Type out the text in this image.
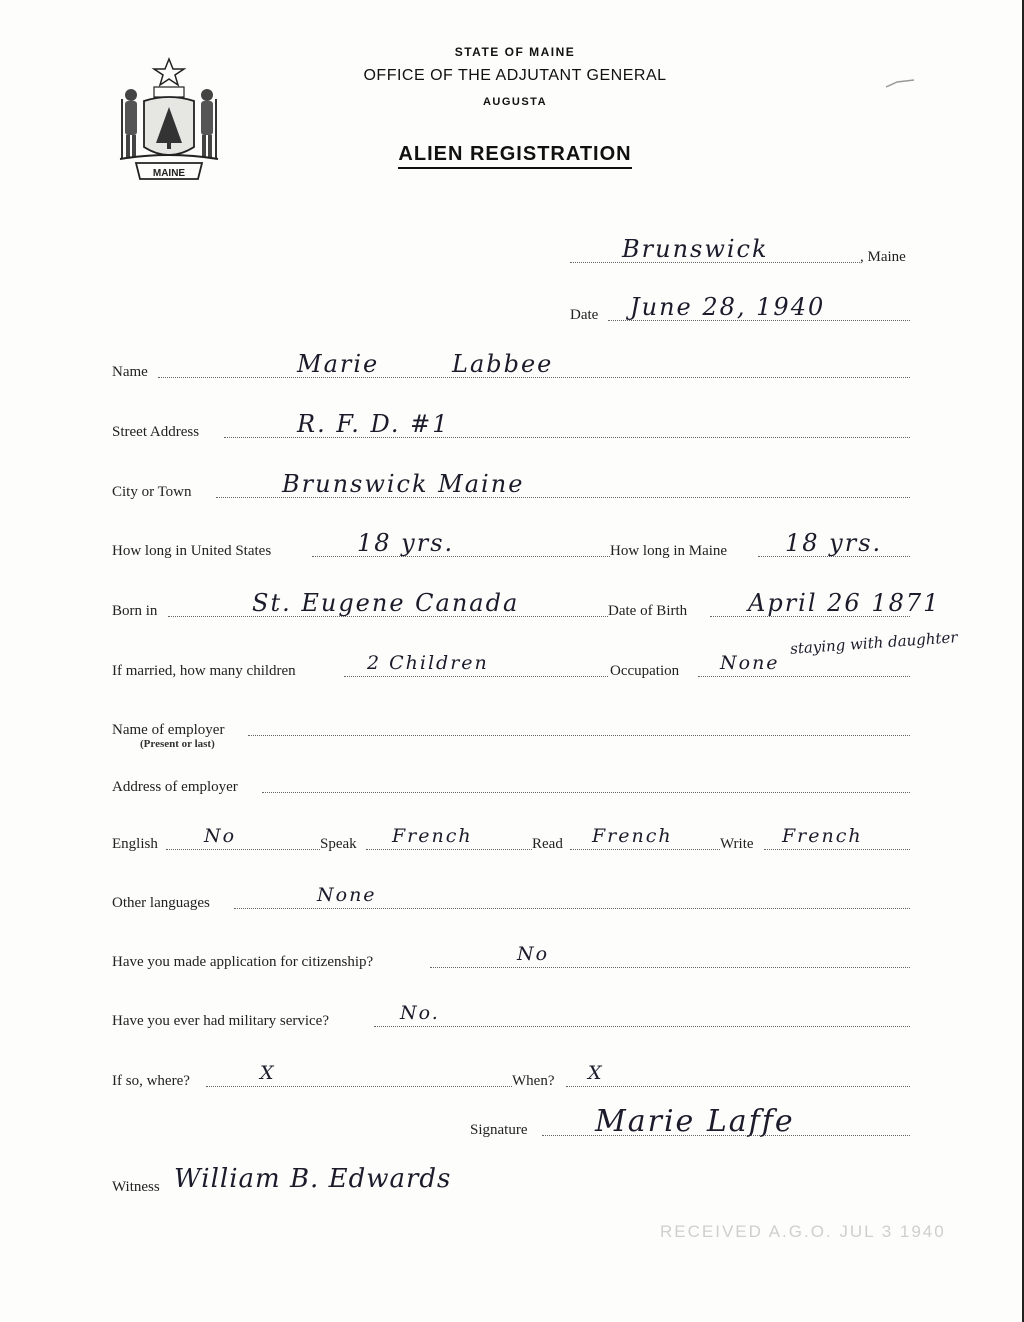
MAINE
STATE OF MAINE
OFFICE OF THE ADJUTANT GENERAL
AUGUSTA
ALIEN REGISTRATION
Brunswick	, Maine
Date June 28, 1940
Name	Marie	Labbee
Street Address	R. F. D. #1
City or Town	Brunswick Maine
How long in United States	18 yrs.	How long in Maine 18 yrs.
Born in	St. Eugene Canada	Date of Birth	April 26 1871
If married, how many children	2 Children	Occupation None
staying with daughter
Name of employer
(Present or last)
Address of employer
English No	Speak French	Read French	Write French
Other languages	None
Have you made application for citizenship?	No
Have you ever had military service?	No.
If so, where?	X	When? X
Signature Marie Laffe
Witness William B. Edwards
RECEIVED A.G.O. JUL 3 1940
